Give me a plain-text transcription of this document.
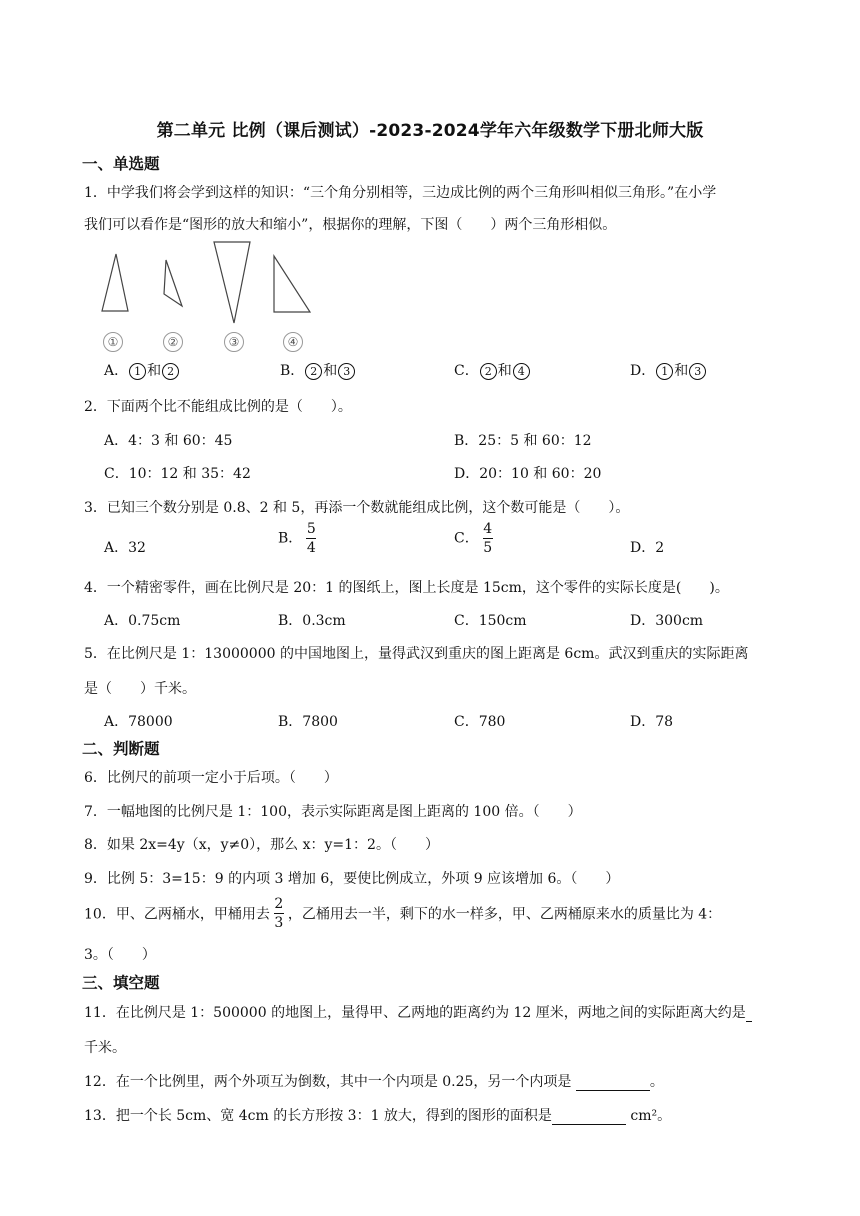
第二单元 比例（课后测试）-2023-2024学年六年级数学下册北师大版
一、单选题
1．中学我们将会学到这样的知识：“三个角分别相等，三边成比例的两个三角形叫相似三角形。”在小学
我们可以看作是“图形的放大和缩小”，根据你的理解，下图（　　）两个三角形相似。
①	②	③	④
A． 1 和 2	B． 2 和 3	C． 2 和 4	D． 1 和 3
2．下面两个比不能组成比例的是（　　）。
A．4：3 和 60：45	B．25：5 和 60：12
C．10：12 和 35：42	D．20：10 和 60：20
3．已知三个数分别是 0.8、2 和 5，再添一个数就能组成比例，这个数可能是（　　）。
A．32
B． $\frac{5}{4}$	C． $\frac{4}{5}$	D．2
4．一个精密零件，画在比例尺是 20：1 的图纸上，图上长度是 15cm，这个零件的实际长度是(　　)。
A．0.75cm	B．0.3cm	C．150cm	D．300cm
5．在比例尺是 1：13000000 的中国地图上，量得武汉到重庆的图上距离是 6cm。武汉到重庆的实际距离
是（　　）千米。
A．78000	B．7800	C．780	D．78
二、判断题
6．比例尺的前项一定小于后项。（　　）
7．一幅地图的比例尺是 1：100，表示实际距离是图上距离的 100 倍。（　　）
8．如果 2x=4y（x，y≠0），那么 x：y=1：2。（　　）
9．比例 5：3=15：9 的内项 3 增加 6，要使比例成立，外项 9 应该增加 6。（　　）
10．甲、乙两桶水，甲桶用去 $\frac{2}{3}$ ，乙桶用去一半，剩下的水一样多，甲、乙两桶原来水的质量比为 4：
3。（　　）
三、填空题
11．在比例尺是 1：500000 的地图上，量得甲、乙两地的距离约为 12 厘米，两地之间的实际距离大约是
千米。
12．在一个比例里，两个外项互为倒数，其中一个内项是 0.25，另一个内项是	。
13．把一个长 5cm、宽 4cm 的长方形按 3：1 放大，得到的图形的面积是	cm²。
